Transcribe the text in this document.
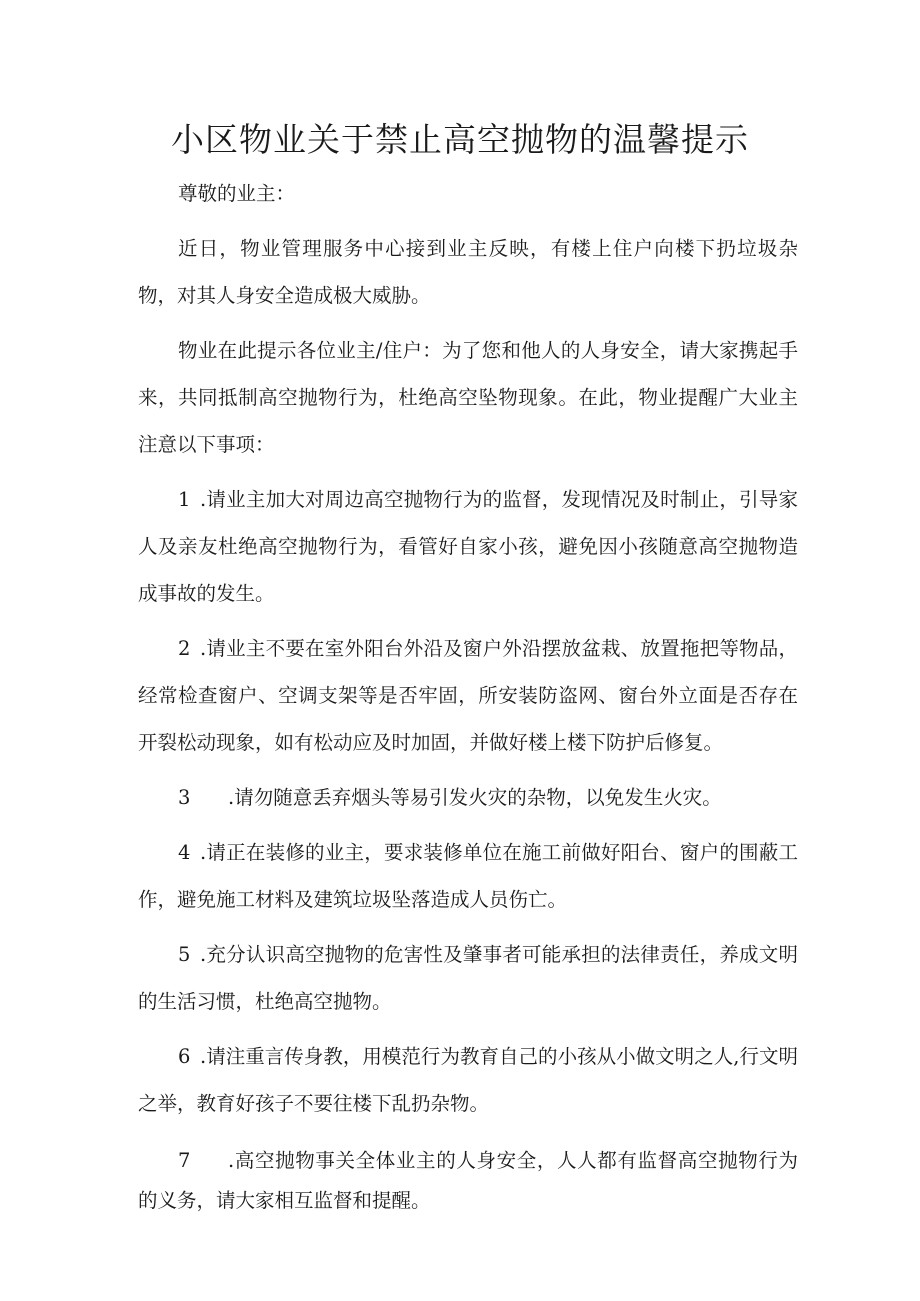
小区物业关于禁止高空抛物的温馨提示

尊敬的业主：

近日，物业管理服务中心接到业主反映，有楼上住户向楼下扔垃圾杂物，对其人身安全造成极大威胁。

物业在此提示各位业主/住户：为了您和他人的人身安全，请大家携起手来，共同抵制高空抛物行为，杜绝高空坠物现象。在此，物业提醒广大业主注意以下事项：

1 .请业主加大对周边高空抛物行为的监督，发现情况及时制止，引导家人及亲友杜绝高空抛物行为，看管好自家小孩，避免因小孩随意高空抛物造成事故的发生。

2 .请业主不要在室外阳台外沿及窗户外沿摆放盆栽、放置拖把等物品，经常检查窗户、空调支架等是否牢固，所安装防盗网、窗台外立面是否存在开裂松动现象，如有松动应及时加固，并做好楼上楼下防护后修复。

3 .请勿随意丢弃烟头等易引发火灾的杂物，以免发生火灾。

4 .请正在装修的业主，要求装修单位在施工前做好阳台、窗户的围蔽工作，避免施工材料及建筑垃圾坠落造成人员伤亡。

5 .充分认识高空抛物的危害性及肇事者可能承担的法律责任，养成文明的生活习惯，杜绝高空抛物。

6 .请注重言传身教，用模范行为教育自己的小孩从小做文明之人,行文明之举，教育好孩子不要往楼下乱扔杂物。

7 .高空抛物事关全体业主的人身安全，人人都有监督高空抛物行为的义务，请大家相互监督和提醒。
